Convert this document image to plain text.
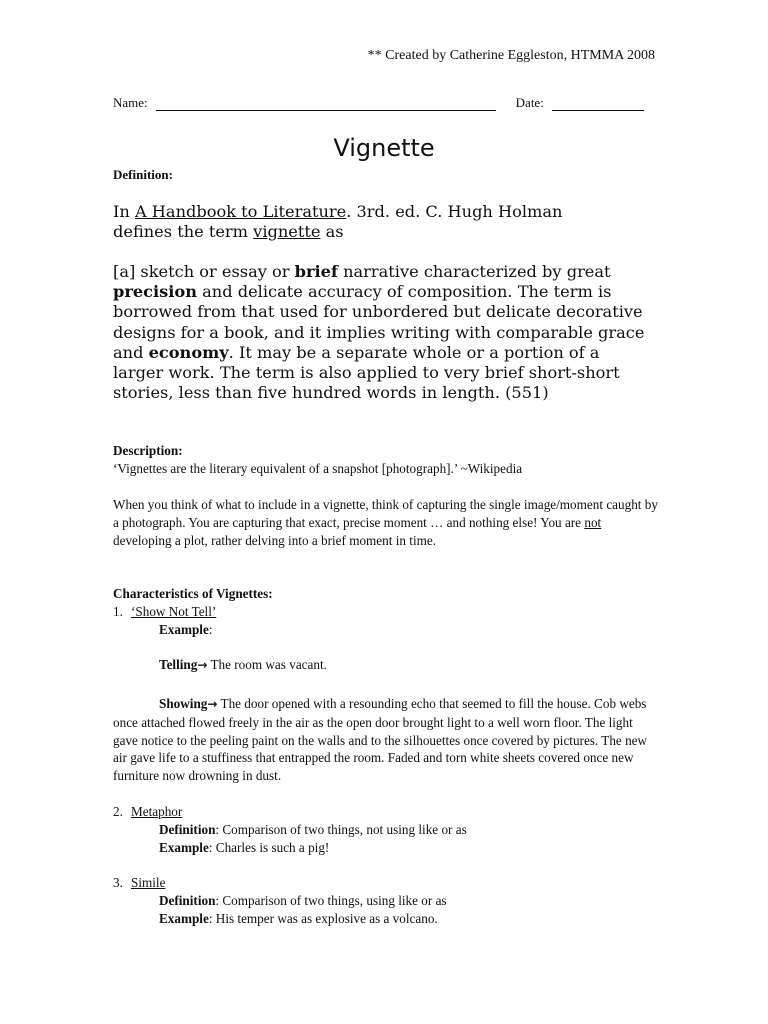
** Created by Catherine Eggleston, HTMMA 2008
Name:	Date:
Vignette
Definition:
In A Handbook to Literature. 3rd. ed. C. Hugh Holman
defines the term vignette as
[a] sketch or essay or brief narrative characterized by great precision and delicate accuracy of composition. The term is borrowed from that used for unbordered but delicate decorative designs for a book, and it implies writing with comparable grace and economy. It may be a separate whole or a portion of a larger work. The term is also applied to very brief short-short stories, less than five hundred words in length. (551)
Description:
‘Vignettes are the literary equivalent of a snapshot [photograph].’ ~Wikipedia
When you think of what to include in a vignette, think of capturing the single image/moment caught by a photograph. You are capturing that exact, precise moment … and nothing else! You are not developing a plot, rather delving into a brief moment in time.
Characteristics of Vignettes:
1. ‘Show Not Tell’
Example:
Telling→ The room was vacant.
Showing→ The door opened with a resounding echo that seemed to fill the house. Cob webs once attached flowed freely in the air as the open door brought light to a well worn floor. The light gave notice to the peeling paint on the walls and to the silhouettes once covered by pictures. The new air gave life to a stuffiness that entrapped the room. Faded and torn white sheets covered once new furniture now drowning in dust.
2. Metaphor
Definition: Comparison of two things, not using like or as
Example: Charles is such a pig!
3. Simile
Definition: Comparison of two things, using like or as
Example: His temper was as explosive as a volcano.
